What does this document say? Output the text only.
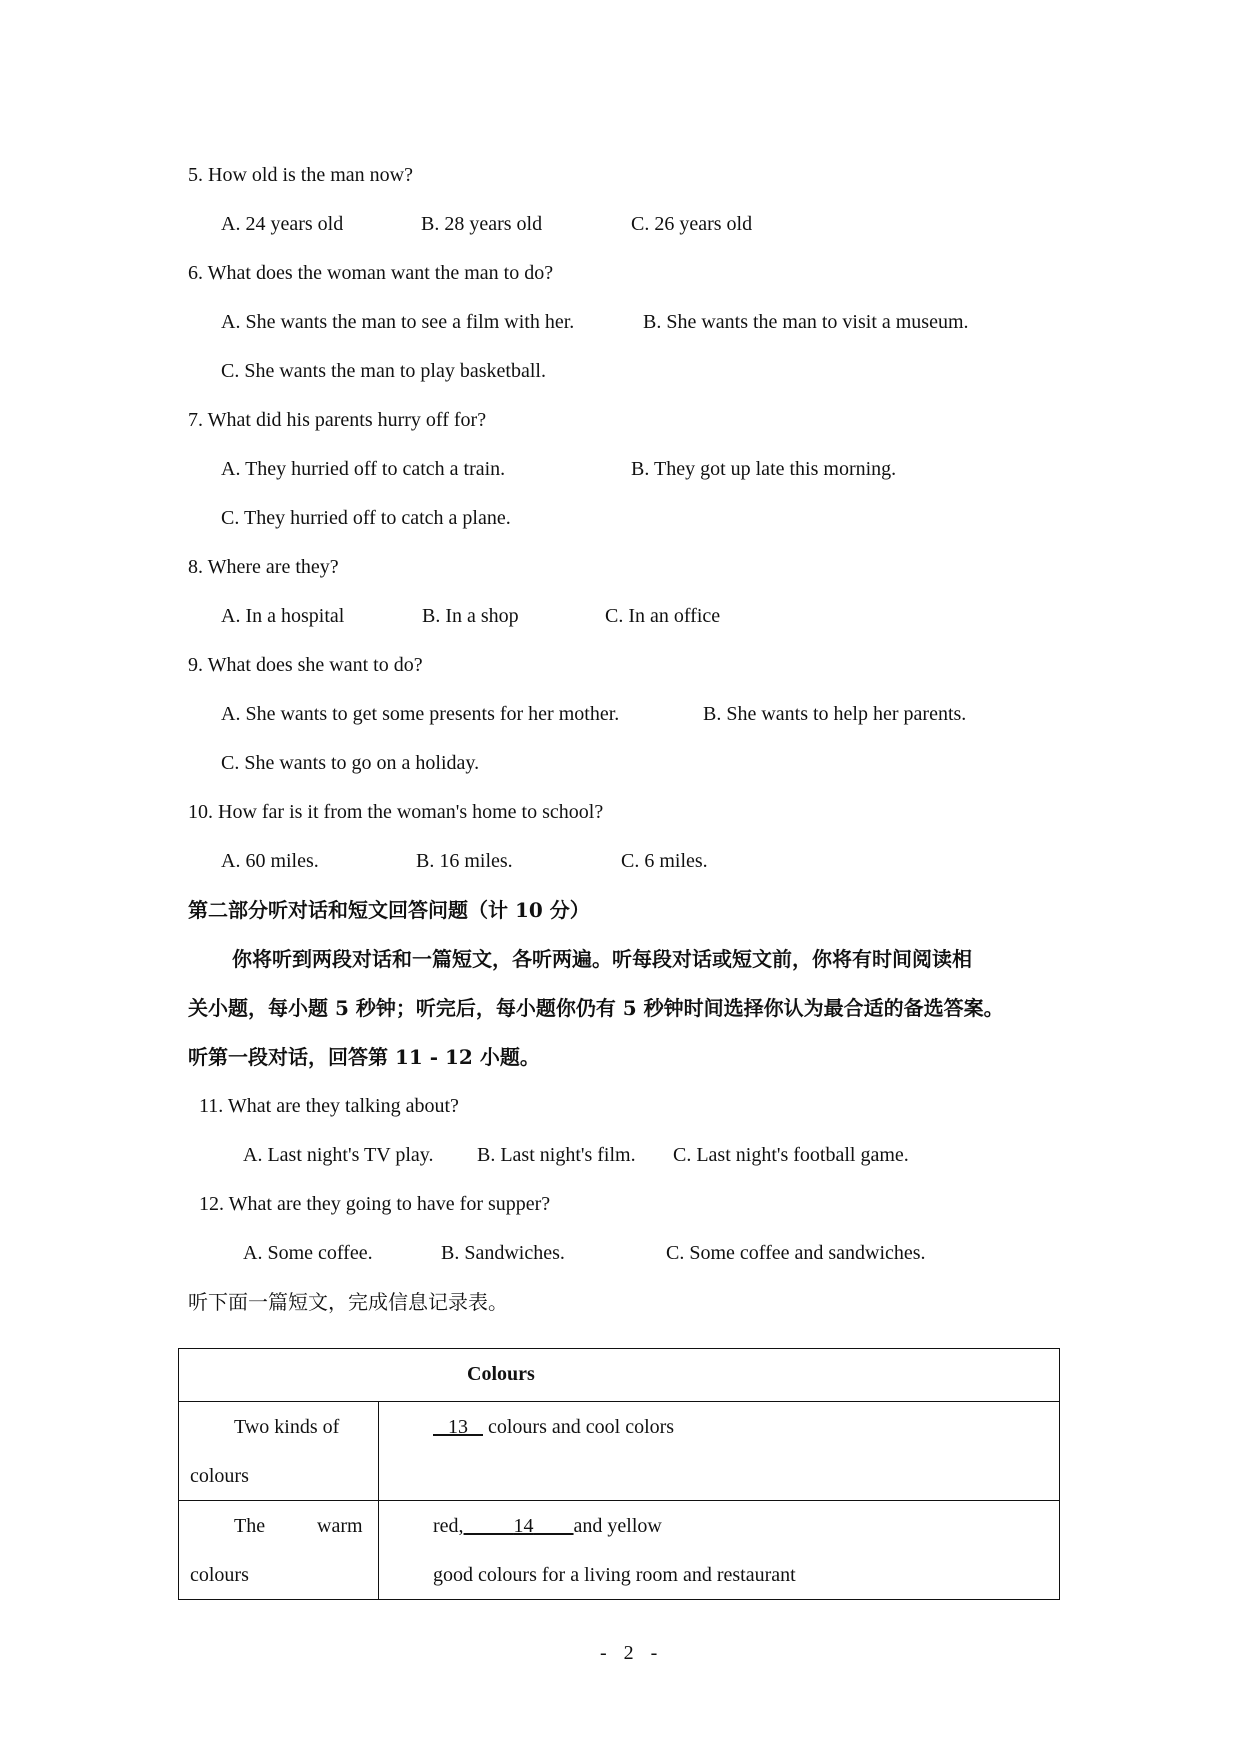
5. How old is the man now?
A. 24 years old	B. 28 years old	C. 26 years old
6. What does the woman want the man to do?
A. She wants the man to see a film with her.	B. She wants the man to visit a museum.
C. She wants the man to play basketball.
7. What did his parents hurry off for?
A. They hurried off to catch a train.	B. They got up late this morning.
C. They hurried off to catch a plane.
8. Where are they?
A. In a hospital	B. In a shop	C. In an office
9. What does she want to do?
A. She wants to get some presents for her mother.	B. She wants to help her parents.
C. She wants to go on a holiday.
10. How far is it from the woman's home to school?
A. 60 miles.	B. 16 miles.	C. 6 miles.
第二部分听对话和短文回答问题（计 10 分）
你将听到两段对话和一篇短文，各听两遍。听每段对话或短文前，你将有时间阅读相
关小题，每小题 5 秒钟；听完后，每小题你仍有 5 秒钟时间选择你认为最合适的备选答案。
听第一段对话，回答第 11 - 12 小题。
11. What are they talking about?
A. Last night's TV play. B. Last night's film. C. Last night's football game.
12. What are they going to have for supper?
A. Some coffee.	B. Sandwiches.	C. Some coffee and sandwiches.
听下面一篇短文，完成信息记录表。
Colours	

Two kinds of
colours	13 colours and cool colors

The warm
colours	red, 14 and yellow
good colours for a living room and restaurant
- 2 -
